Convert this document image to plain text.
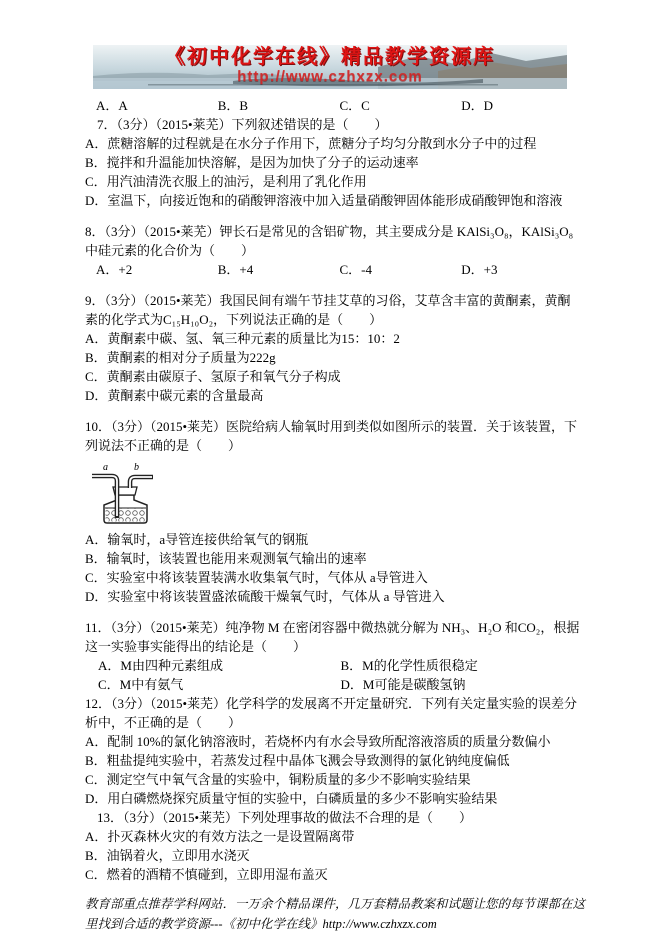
《初中化学在线》精品教学资源库
http://www.czhxzx.com
A．A	B．B	C．C	D．D

7．（3分）（2015•莱芜）下列叙述错误的是（　　）

A．蔗糖溶解的过程就是在水分子作用下，蔗糖分子均匀分散到水分子中的过程

B．搅拌和升温能加快溶解，是因为加快了分子的运动速率

C．用汽油清洗衣服上的油污，是利用了乳化作用

D．室温下，向接近饱和的硝酸钾溶液中加入适量硝酸钾固体能形成硝酸钾饱和溶液

8．（3分）（2015•莱芜）钾长石是常见的含铝矿物，其主要成分是 KAlSi₃O₈，KAlSi₃O₈中硅元素的化合价为（　　）

A．+2	B．+4	C．-4	D．+3

9．（3分）（2015•莱芜）我国民间有端午节挂艾草的习俗，艾草含丰富的黄酮素，黄酮素的化学式为C₁₅H₁₀O₂，下列说法正确的是（　　）

A．黄酮素中碳、氢、氧三种元素的质量比为15：10：2

B．黄酮素的相对分子质量为222g

C．黄酮素由碳原子、氢原子和氧气分子构成

D．黄酮素中碳元素的含量最高

10．（3分）（2015•莱芜）医院给病人输氧时用到类似如图所示的装置．关于该装置，下列说法不正确的是（　　）

a	b

A．输氧时，a导管连接供给氧气的钢瓶

B．输氧时，该装置也能用来观测氧气输出的速率

C．实验室中将该装置装满水收集氧气时，气体从 a导管进入

D．实验室中将该装置盛浓硫酸干燥氧气时，气体从 a 导管进入

11．（3分）（2015•莱芜）纯净物 M 在密闭容器中微热就分解为 NH₃、H₂O 和CO₂，根据这一实验事实能得出的结论是（　　）

A．M由四种元素组成	B．M的化学性质很稳定
C．M中有氨气	D．M可能是碳酸氢钠

12．（3分）（2015•莱芜）化学科学的发展离不开定量研究．下列有关定量实验的误差分析中，不正确的是（　　）

A．配制 10%的氯化钠溶液时，若烧杯内有水会导致所配溶液溶质的质量分数偏小

B．粗盐提纯实验中，若蒸发过程中晶体飞溅会导致测得的氯化钠纯度偏低

C．测定空气中氧气含量的实验中，铜粉质量的多少不影响实验结果

D．用白磷燃烧探究质量守恒的实验中，白磷质量的多少不影响实验结果

13．（3分）（2015•莱芜）下列处理事故的做法不合理的是（　　）

A．扑灭森林火灾的有效方法之一是设置隔离带

B．油锅着火，立即用水浇灭

C．燃着的酒精不慎碰到，立即用湿布盖灭

教育部重点推荐学科网站．一万余个精品课件，几万套精品教案和试题让您的每节课都在这里找到合适的教学资源---《初中化学在线》http://www.czhxzx.com
